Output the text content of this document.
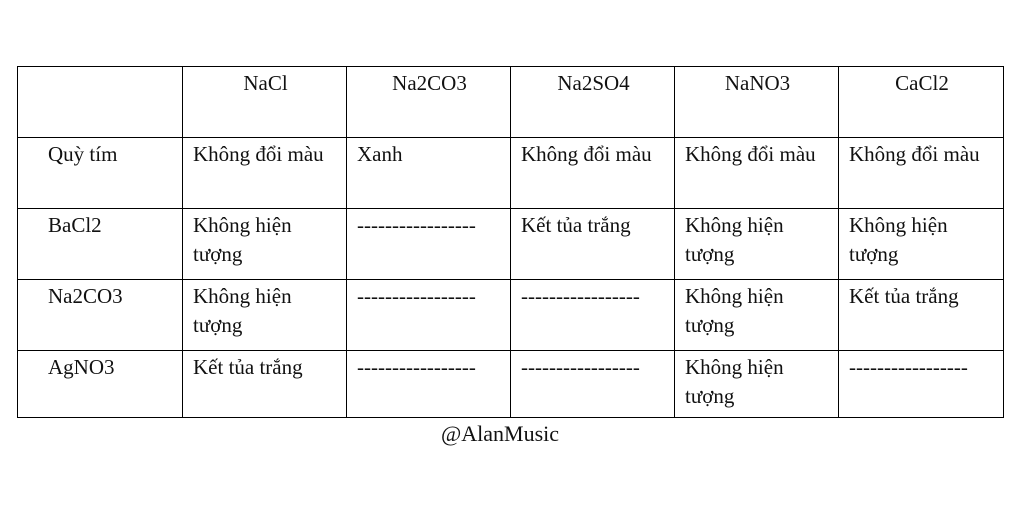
	NaCl	Na2CO3	Na2SO4	NaNO3	CaCl2
Quỳ tím	Không đổi màu	Xanh	Không đổi màu	Không đổi màu	Không đổi màu
BaCl2	Không hiện tượng	-----------------	Kết tủa trắng	Không hiện tượng	Không hiện tượng
Na2CO3	Không hiện tượng	-----------------	-----------------	Không hiện tượng	Kết tủa trắng
AgNO3	Kết tủa trắng	-----------------	-----------------	Không hiện tượng	-----------------
@AlanMusic
